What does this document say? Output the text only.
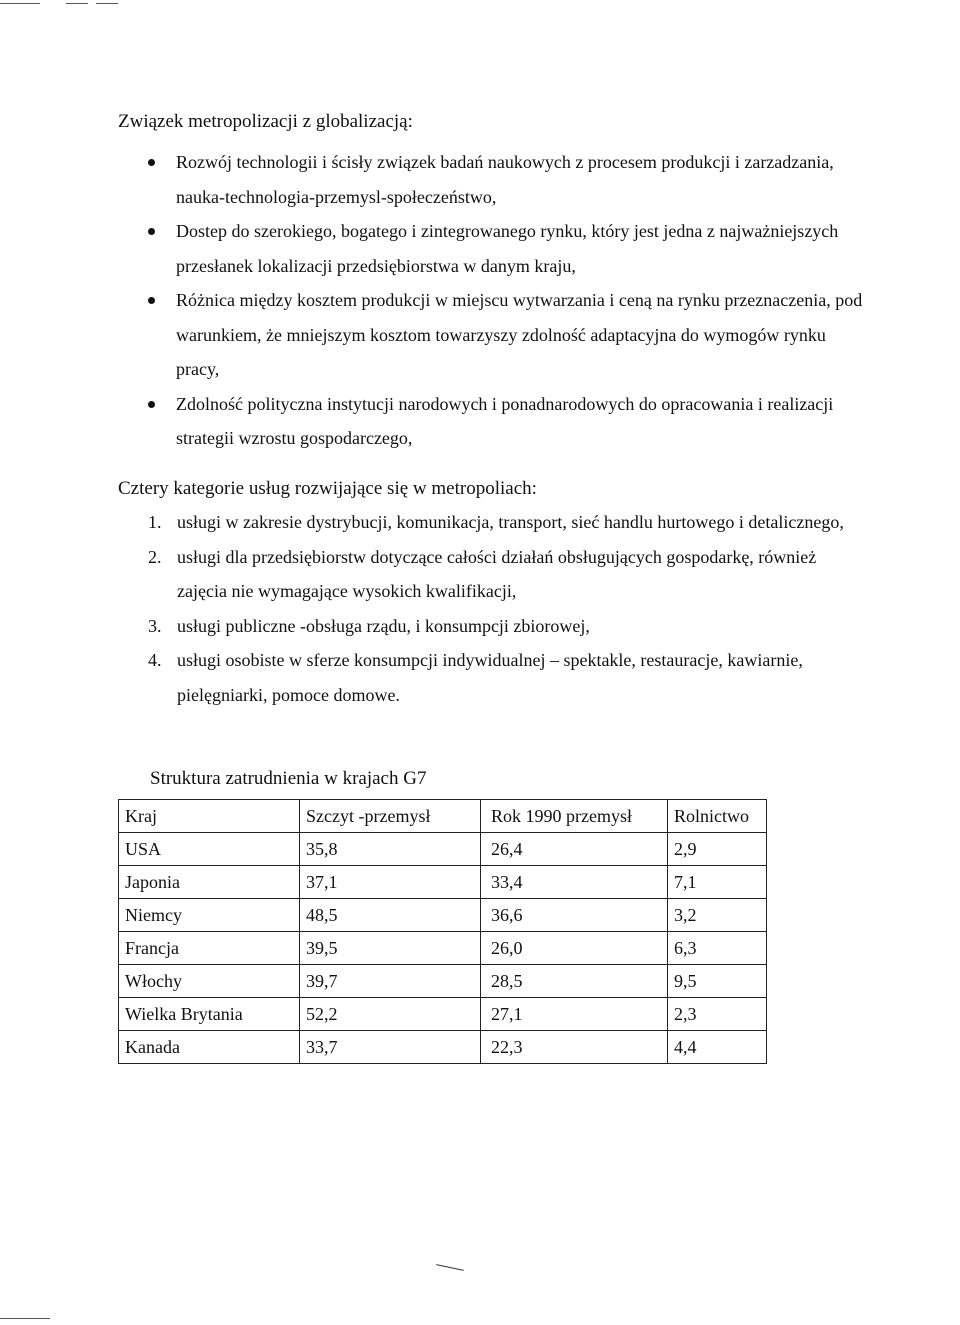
Związek metropolizacji z globalizacją:
Rozwój technologii i ścisły związek badań naukowych z procesem produkcji i zarzadzania, nauka-technologia-przemysl-społeczeństwo,
Dostep do szerokiego, bogatego i zintegrowanego rynku, który jest jedna z najważniejszych przesłanek lokalizacji przedsiębiorstwa w danym kraju,
Różnica między kosztem produkcji w miejscu wytwarzania i ceną na rynku przeznaczenia, pod warunkiem, że mniejszym kosztom towarzyszy zdolność adaptacyjna do wymogów rynku pracy,
Zdolność polityczna instytucji narodowych i ponadnarodowych do opracowania i realizacji strategii wzrostu gospodarczego,
Cztery kategorie usług rozwijające się w metropoliach:
1. usługi w zakresie dystrybucji, komunikacja, transport, sieć handlu hurtowego i detalicznego,
2. usługi dla przedsiębiorstw dotyczące całości działań obsługujących gospodarkę, również zajęcia nie wymagające wysokich kwalifikacji,
3. usługi publiczne -obsługa rządu, i konsumpcji zbiorowej,
4. usługi osobiste w sferze konsumpcji indywidualnej – spektakle, restauracje, kawiarnie, pielęgniarki, pomoce domowe.
Struktura zatrudnienia w krajach G7
Kraj	Szczyt -przemysł	Rok 1990 przemysł	Rolnictwo
USA	35,8	26,4	2,9
Japonia	37,1	33,4	7,1
Niemcy	48,5	36,6	3,2
Francja	39,5	26,0	6,3
Włochy	39,7	28,5	9,5
Wielka Brytania	52,2	27,1	2,3
Kanada	33,7	22,3	4,4
